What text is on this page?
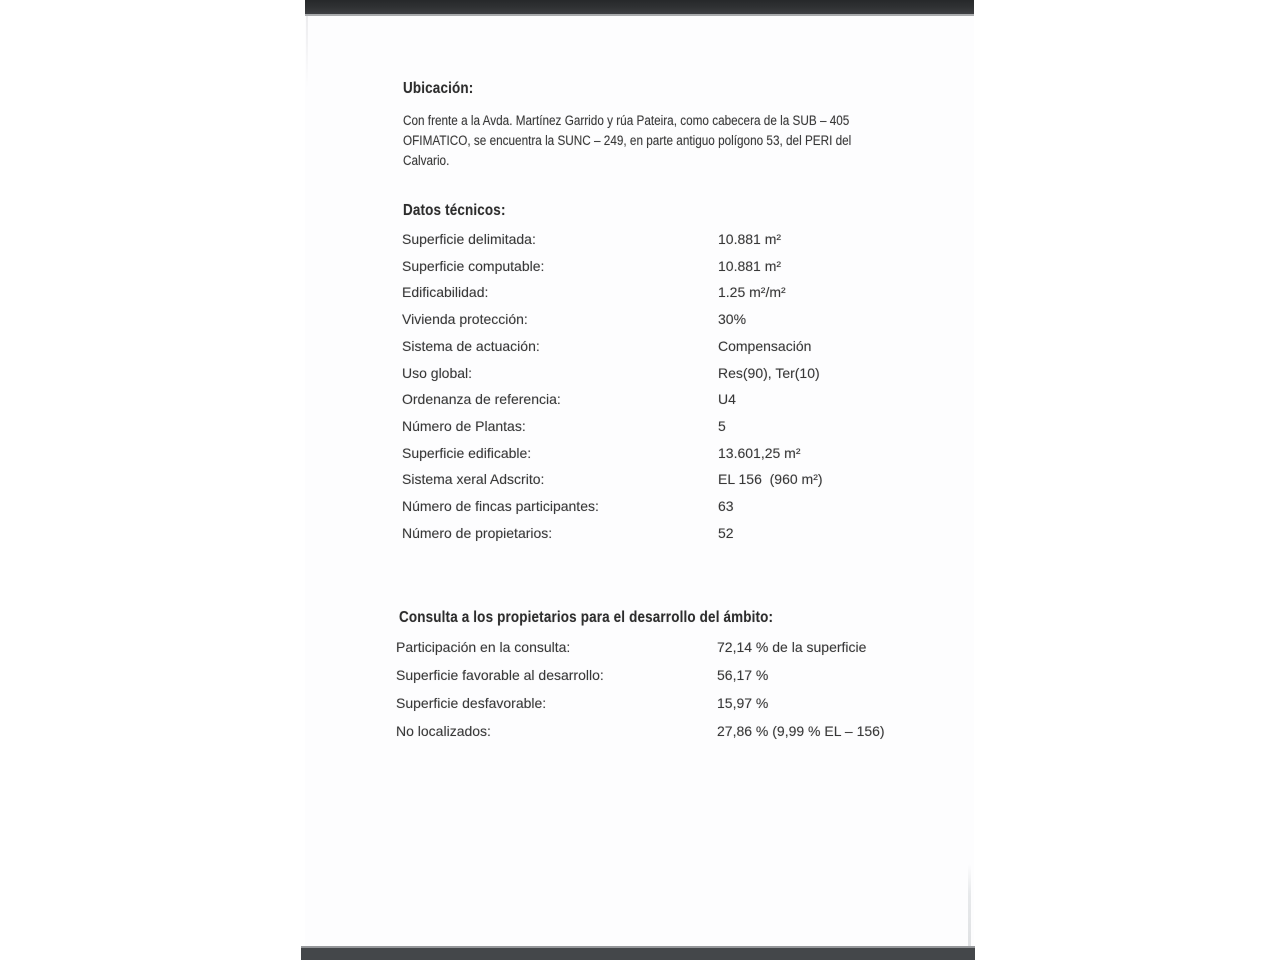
Ubicación:
Con frente a la Avda. Martínez Garrido y rúa Pateira, como cabecera de la SUB – 405
OFIMATICO, se encuentra la SUNC – 249, en parte antiguo polígono 53, del PERI del
Calvario.
Datos técnicos:
Superficie delimitada:	10.881 m²
Superficie computable:	10.881 m²
Edificabilidad:	1.25 m²/m²
Vivienda protección:	30%
Sistema de actuación:	Compensación
Uso global:	Res(90), Ter(10)
Ordenanza de referencia:	U4
Número de Plantas:	5
Superficie edificable:	13.601,25 m²
Sistema xeral Adscrito:	EL 156  (960 m²)
Número de fincas participantes:	63
Número de propietarios:	52
Consulta a los propietarios para el desarrollo del ámbito:
Participación en la consulta:	72,14 % de la superficie
Superficie favorable al desarrollo:	56,17 %
Superficie desfavorable:	15,97 %
No localizados:	27,86 % (9,99 % EL – 156)
